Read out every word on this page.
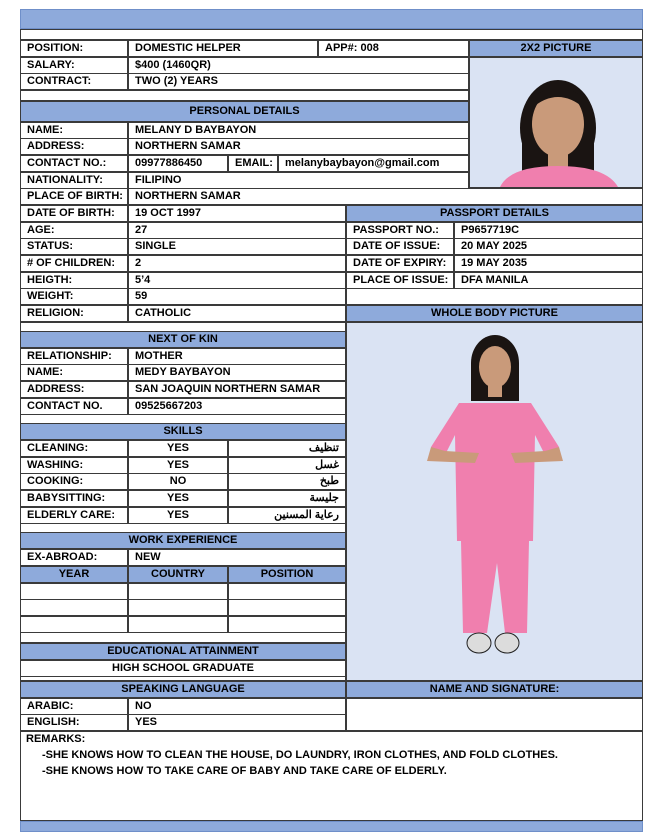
POSITION:	DOMESTIC HELPER	APP#: 008	2X2 PICTURE
SALARY:	$400 (1460QR)
CONTRACT:	TWO (2) YEARS
PERSONAL DETAILS
NAME:	MELANY D BAYBAYON
ADDRESS:	NORTHERN SAMAR
CONTACT NO.:	09977886450	EMAIL:	melanybaybayon@gmail.com
NATIONALITY:	FILIPINO
PLACE OF BIRTH:	NORTHERN SAMAR
DATE OF BIRTH:	19 OCT 1997	PASSPORT DETAILS
AGE:	27	PASSPORT NO.:	P9657719C
STATUS:	SINGLE	DATE OF ISSUE:	20 MAY 2025
# OF CHILDREN:	2	DATE OF EXPIRY:	19 MAY 2035
HEIGTH:	5’4	PLACE OF ISSUE:	DFA MANILA
WEIGHT:	59
RELIGION:	CATHOLIC	WHOLE BODY PICTURE
NEXT OF KIN
RELATIONSHIP:	MOTHER
NAME:	MEDY BAYBAYON
ADDRESS:	SAN JOAQUIN NORTHERN SAMAR
CONTACT NO.	09525667203
SKILLS
CLEANING:	YES	تنظيف
WASHING:	YES	غسل
COOKING:	NO	طبخ
BABYSITTING:	YES	جليسة
ELDERLY CARE:	YES	رعاية المسنين
WORK EXPERIENCE
EX-ABROAD:	NEW
YEAR	COUNTRY	POSITION
EDUCATIONAL ATTAINMENT
HIGH SCHOOL GRADUATE
SPEAKING LANGUAGE	NAME AND SIGNATURE:
ARABIC:	NO
ENGLISH:	YES
REMARKS:
-SHE KNOWS HOW TO CLEAN THE HOUSE, DO LAUNDRY, IRON CLOTHES, AND FOLD CLOTHES.
-SHE KNOWS HOW TO TAKE CARE OF BABY AND TAKE CARE OF ELDERLY.
